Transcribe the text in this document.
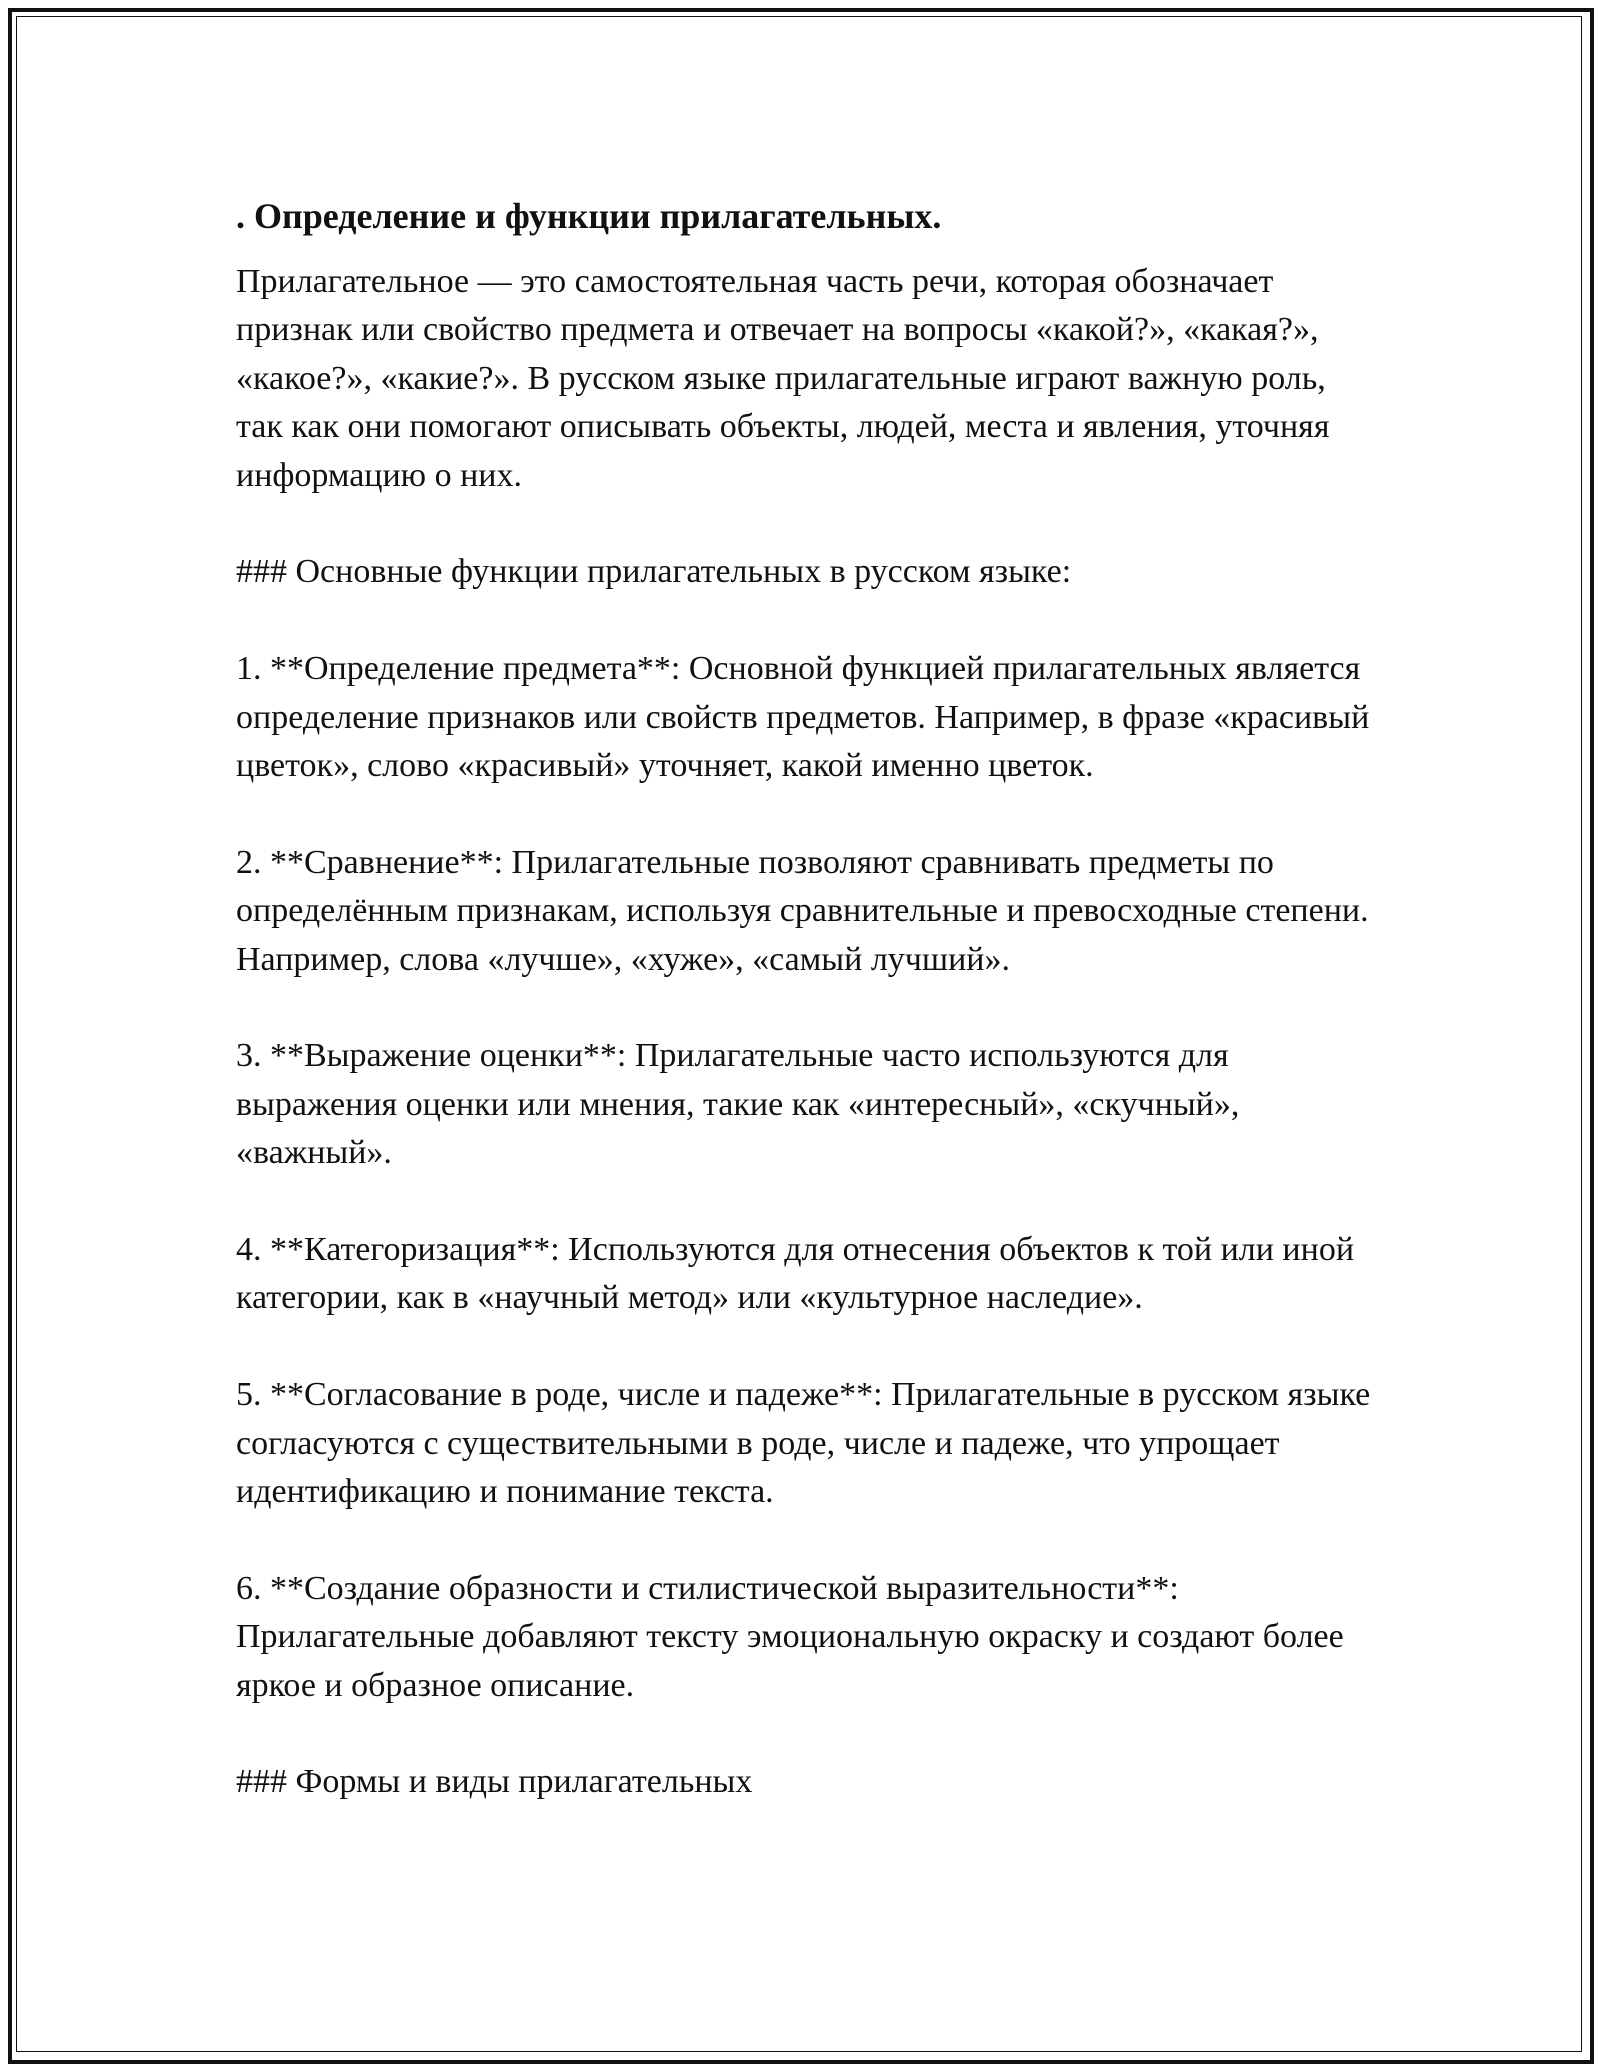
. Определение и функции прилагательных.
Прилагательное — это самостоятельная часть речи, которая обозначает признак или свойство предмета и отвечает на вопросы «какой?», «какая?», «какое?», «какие?». В русском языке прилагательные играют важную роль, так как они помогают описывать объекты, людей, места и явления, уточняя информацию о них.
### Основные функции прилагательных в русском языке:
1. **Определение предмета**: Основной функцией прилагательных является определение признаков или свойств предметов. Например, в фразе «красивый цветок», слово «красивый» уточняет, какой именно цветок.
2. **Сравнение**: Прилагательные позволяют сравнивать предметы по определённым признакам, используя сравнительные и превосходные степени. Например, слова «лучше», «хуже», «самый лучший».
3. **Выражение оценки**: Прилагательные часто используются для выражения оценки или мнения, такие как «интересный», «скучный», «важный».
4. **Категоризация**: Используются для отнесения объектов к той или иной категории, как в «научный метод» или «культурное наследие».
5. **Согласование в роде, числе и падеже**: Прилагательные в русском языке согласуются с существительными в роде, числе и падеже, что упрощает идентификацию и понимание текста.
6. **Создание образности и стилистической выразительности**: Прилагательные добавляют тексту эмоциональную окраску и создают более яркое и образное описание.
### Формы и виды прилагательных
